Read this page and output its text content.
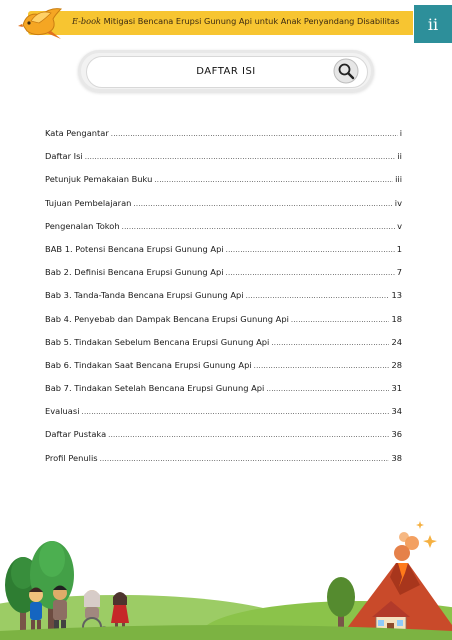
E-book Mitigasi Bencana Erupsi Gunung Api untuk Anak Penyandang Disabilitas	ii
DAFTAR ISI
Kata Pengantar .....	i
Daftar Isi .....	ii
Petunjuk Pemakaian Buku .....	iii
Tujuan Pembelajaran .....	iv
Pengenalan Tokoh .....	v
BAB 1. Potensi Bencana Erupsi Gunung Api .....	1
Bab 2. Definisi Bencana Erupsi Gunung Api .....	7
Bab 3. Tanda-Tanda Bencana Erupsi Gunung Api .....	13
Bab 4. Penyebab dan Dampak Bencana Erupsi Gunung Api .....	18
Bab 5. Tindakan Sebelum Bencana Erupsi Gunung Api .....	24
Bab 6. Tindakan Saat Bencana Erupsi Gunung Api .....	28
Bab 7. Tindakan Setelah Bencana Erupsi Gunung Api .....	31
Evaluasi .....	34
Daftar Pustaka .....	36
Profil Penulis .....	38
